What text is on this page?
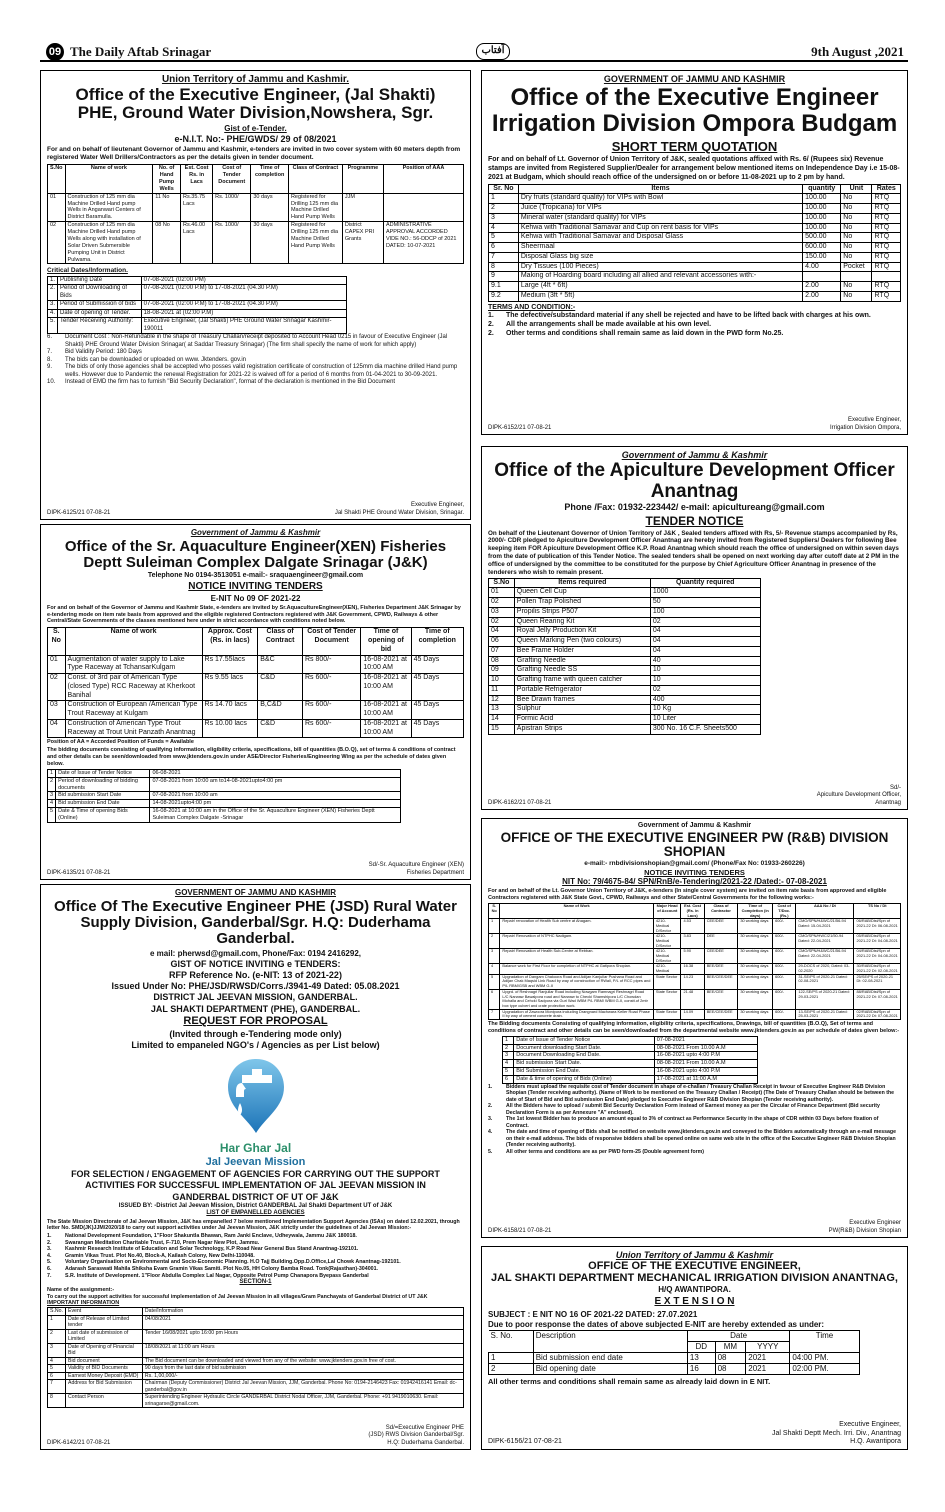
09 The Daily Aftab Srinagar	آفتاب	9th August ,2021
Union Territory of Jammu and Kashmir.
Office of the Executive Engineer, (Jal Shakti) PHE, Ground Water Division,Nowshera, Sgr.
Gist of e-Tender.
e-N.I.T. No:- PHE/GWDS/ 29 of 08/2021

For and on behalf of lieutenant Governor of Jammu and Kashmir, e-tenders are invited in two cover system with 60 meters depth from registered Water Well Drillers/Contractors as per the details given in tender document.

S.No	Name of work	No. of Hand Pump Wells	Est. Cost Rs. in Lacs	Cost of Tender Document	Time of completion	Class of Contract	Programme	Position of AAA
01	Construction of 125 mm dia Machine Drilled Hand pump Wells in Anganwari Centers of District Baramulla.	11 No	Rs.35.75 Lacs	Rs. 1000/	30 days	Registered for Drilling 125 mm dia Machine Drilled Hand Pump Wells	JJM	
02	Construction of 125 mm dia Machine Drilled Hand pump Wells along with installation of Solar Driven Submersible Pumping Unit in District Pulwama.	08 No	Rs.46.00 Lacs	Rs. 1000/	30 days	Registered for Drilling 125 mm dia Machine Drilled Hand Pump Wells	District CAPEX PRI Grants	ADMINISTRATIVE APPROVAL ACCORDED VIDE NO.: 56-DDCP of 2021 DATED: 10-07-2021
Critical Dates/Information.
1.	Publishing Date	07-08-2021 (02:00 PM)
2.	Period of Downloading of Bids	07-08-2021 (02:00 P.M) to 17-08-2021 (04.30 P.M)
3.	Period of Submission of bids	07-08-2021 (02:00 P.M) to 17-08-2021 (04.30 P.M)
4.	Date of opening of Tender.	18-08-2021 at (02:00 P.M)
5.	Tender Receiving Authority:	Executive Engineer, (Jal Shakti) PHE Ground Water Srinagar Kashmir-190011
6.	Document Cost : Non-Refundable in the shape of Treasury Challan/receipt deposited to Account Head 0215 in favour of Executive Engineer (Jal Shakti) PHE Ground Water Division Srinagar( at Saddar Treasury Srinagar) (The firm shall specify the name of work for which apply)
7.	Bid Validity Period: 180 Days
8.	The bids can be downloaded or uploaded on www. Jktenders. gov.in
9.	The bids of only those agencies shall be accepted who posses valid registration certificate of construction of 125mm dia machine drilled Hand pump wells. However due to Pandemic the renewal Registration for 2021-22 is waived off for a period of 6 months from 01-04-2021 to 30-09-2021.
10.	Instead of EMD the firm has to furnish "Bid Security Declaration", format of the declaration is mentioned in the Bid Document
DIPK-6125/21 07-08-21
Executive Engineer,
Jal Shakti PHE Ground Water Division, Srinagar.
Government of Jammu & Kashmir
Office of the Sr. Aquaculture Engineer(XEN) Fisheries Deptt Suleiman Complex Dalgate Srinagar (J&K)
Telephone No 0194-3513051 e-mail:- sraquaengineer@gmail.com
NOTICE INVITING TENDERS
E-NIT No 09 OF 2021-22

For and on behalf of the Governor of Jammu and Kashmir State, e-tenders are invited by Sr.AquacultureEngineer(XEN), Fisheries Department J&K Srinagar by e-tendering mode on item rate basis from approved and the eligible registered Contractors registered with J&K Government, CPWD, Railways & other Central/State Governments of the classes mentioned here under in strict accordance with conditions noted below.

S. No	Name of work	Approx. Cost (Rs. in lacs)	Class of Contract	Cost of Tender Document	Time of opening of bid	Time of completion
01	Augmentation of water supply to Lake Type Raceway at TchansarKulgam	Rs 17.55lacs	B&C	Rs 800/-	16-08-2021 at 10:00 AM	45 Days
02	Const. of 3rd pair of American Type (closed Type) RCC Raceway at Kherkoot Banihal	Rs 9.55 lacs	C&D	Rs 600/-	16-08-2021 at 10:00 AM	45 Days
03	Construction of European /American Type Trout Raceway at Kulgam	Rs 14.70 lacs	B,C&D	Rs 600/-	16-08-2021 at 10:00 AM	45 Days
04	Construction of American Type Trout Raceway at Trout Unit Panzath Anantnag	Rs 10.00 lacs	C&D	Rs 600/-	16-08-2021 at 10:00 AM	45 Days

Position of AA = Accorded Position of Funds = Available

The bidding documents consisting of qualifying information, eligibility criteria, specifications, bill of quantities (B.O.Q), set of terms & conditions of contract and other details can be seen/downloaded from www.jktenders.gov.in under ASE/Director Fisheries/Engineering Wing as per the schedule of dates given below.

1	Date of Issue of Tender Notice	06-08-2021
2	Period of downloading of bidding documents	07-08-2021 from 10:00 am to14-08-2021upto4:00 pm
3	Bid submission Start Date	07-08-2021 from 10:00 am
4	Bid submission End Date	14-08-2021upto4:00 pm
5	Date & Time of opening Bids (Online)	16-08-2021 at 10:00 am in the Office of the Sr. Aquaculture Engineer (XEN) Fisheries Deptt Suleiman Complex Dalgate -Srinagar
DIPK-6135/21 07-08-21
Sd/-Sr. Aquaculture Engineer (XEN)
Fisheries Department
GOVERNMENT OF JAMMU AND KASHMIR
Office Of The Executive Engineer PHE (JSD) Rural Water Supply Division, Ganderbal/Sgr. H.Q: Duderhama Ganderbal.
e mail: pherwsd@gmail.com, Phone/Fax: 0194 2416292,
GIST OF NOTICE INVITING e TENDERS:
RFP Reference No. (e-NIT: 13 of 2021-22)
Issued Under No: PHE/JSD/RWSD/Corrs./3941-49 Dated: 05.08.2021
DISTRICT JAL JEEVAN MISSION, GANDERBAL.
JAL SHAKTI DEPARTMENT (PHE), GANDERBAL.
REQUEST FOR PROPOSAL
(Invited through e-Tendering mode only)
Limited to empaneled NGO's / Agencies as per List below)
Har Ghar Jal
Jal Jeevan Mission
FOR SELECTION / ENGAGEMENT OF AGENCIES FOR CARRYING OUT THE SUPPORT ACTIVITIES FOR SUCCESSFUL IMPLEMENTATION OF JAL JEEVAN MISSION IN GANDERBAL DISTRICT OF UT OF J&K
ISSUED BY: -District Jal Jeevan Mission, District GANDERBAL Jal Shakti Department UT of J&K
LIST OF EMPANELLED AGENCIES

The State Mission Directorate of Jal Jeevan Mission, J&K has empanelled 7 below mentioned Implementation Support Agencies (ISAs) on dated 12.02.2021, through letter No. SMD(JK)JJM/2020/18 to carry out support activities under Jal Jeevan Mission, J&K strictly under the guidelines of Jal Jeevan Mission:-

1.	National Development Foundation, 1"Floor Shakuntla Bhawan, Ram Janki Enclave, Udheywala, Jammu J&K 180018.
2.	Swarangan Meditation Charitable Trust, F-710, Prem Nagar New Plot, Jammu.
3.	Kashmir Research Institute of Education and Solar Technology, K.P Road Near General Bus Stand Anantnag-192101.
4.	Gramin Vikas Trust. Plot No.40, Block-A, Kailash Colony, New Delhi-110048.
5.	Voluntary Organisation on Environmental and Socio-Economic Planning. H.O Tajj Building.Opp.D.Office,Lal Chowk Anantnag-192101.
6.	Adarash Saraswati Mahila Shiksha Evam Gramin Vikas Samiti. Plot No.05, HH Colony Bamba Road. Tonk(Rajasthan)-304001.
7.	S.R. Institute of Development. 1"Floor Abdulla Complex Lal Nagar, Opposite Petrol Pump Chanapora Byepass Ganderbal
SECTION-1
Name of the assignment:-
To carry out the support activities for successful implementation of Jal Jeevan Mission in all villages/Gram Panchayats of Ganderbal District of UT J&K
IMPORTANT INFORMATION
S.No.	Event	Date/Information
1	Date of Release of Limited tender	04/08/2021
2	Last date of submission of Limited	Tender 16/08/2021 upto 16:00 pm Hours
3	Date of Opening of Financial Bid	18/08/2021 at 11:00 am Hours
4	Bid document	The Bid document can be downloaded and viewed from any of the website: www.jktenders.gov.in free of cost.
5	Validity of BID Documents	90 days from the last date of bid submission
6	Earnest Money Deposit (EMD)	Rs. 1,00,000/-
7	Address for Bid Submission	Chairman (Deputy Commissioner) District Jal Jeevan Mission, JJM, Ganderbal. Phone No: 0194-2146423 Fax: 01942416141 Email: dc-ganderbal@gov.in
8	Contact Person	Superintending Engineer Hydraulic Circle GANDERBAL District Nodal Officer, JJM, Ganderbal. Phone: +91 9419010630. Email: srinagarse@gmail.com.
DIPK-6142/21 07-08-21
Sd/=Executive Engineer PHE
(JSD) RWS Division Ganderbal/Sgr.
H.Q: Duderhama Ganderbal.
GOVERNMENT OF JAMMU AND KASHMIR
Office of the Executive Engineer
Irrigation Division Ompora Budgam
SHORT TERM QUOTATION

For and on behalf of Lt. Governor of Union Territory of J&K, sealed quotations affixed with Rs. 6/ (Rupees six) Revenue stamps are invited from Registered Supplier/Dealer for arrangement below mentioned items on Independence Day i.e 15-08-2021 at Budgam, which should reach office of the undersigned on or before 11-08-2021 up to 2 pm by hand.

Sr. No	Items	quantity	Unit	Rates
1	Dry fruits (standard quality) for VIPs with Bowl	100.00	No	RTQ
2	Juice (Tropicana) for VIPs	100.00	No	RTQ
3	Mineral water (standard quality) for VIPs	100.00	No	RTQ
4	Kehwa with Traditional Samavar and Cup on rent basis for VIPs	100.00	No	RTQ
5	Kehwa with Traditional Samavar and Disposal Glass	500.00	No	RTQ
6	Sheermaal	600.00	No	RTQ
7	Disposal Glass big size	150.00	No	RTQ
8	Dry Tissues (100 Pieces)	4.00	Pocket	RTQ
9	Making of Hoarding board including all allied and relevant accessories with:-			
9.1	Large (4ft * 6ft)	2.00	No	RTQ
9.2	Medium (3ft * 5ft)	2.00	No	RTQ
TERMS AND CONDITION:-
1.	The defective/substandard material if any shell be rejected and have to be lifted back with charges at his own.
2.	All the arrangements shall be made available at his own level.
2.	Other terms and conditions shall remain same as laid down in the PWD form No.25.
DIPK-6152/21 07-08-21
Executive Engineer,
Irrigation Division Ompora,
Government of Jammu & Kashmir
Office of the Apiculture Development Officer Anantnag
Phone /Fax: 01932-223442/ e-mail: apicultureang@gmail.com
TENDER NOTICE

On behalf of the Lieutenant Governor of Union Territory of J&K , Sealed tenders affixed with Rs, 5/- Revenue stamps accompanied by Rs, 2000/- CDR pledged to Apiculture Development Officer Anantnag are hereby invited from Registered Suppliers/ Dealers for following Bee keeping item FOR Apiculture Development Office K.P. Road Anantnag which should reach the office of undersigned on within seven days from the date of publication of this Tender Notice. The sealed tenders shall be opened on next working day after cutoff date at 2 PM in the office of undersigned by the committee to be constituted for the purpose by Chief Agriculture Officer Anantnag in presence of the tenderers who wish to remain present.

S.No	Items required	Quantity required
01	Queen Cell Cup	1000
02	Pollen Trap Polished	50
03	Propilis Strips P507	100
02	Queen Rearing Kit	02
04	Royal Jelly Production Kit	04
06	Queen Marking Pen (two colours)	04
07	Bee Frame Holder	04
08	Grafting Needle	40
09	Grafting Needle SS	10
10	Grafting frame with queen catcher	10
11	Portable Refrigerator	02
12	Bee Drawn frames	400
13	Sulphur	10 Kg
14	Formic Acid	10 Liter
15	Apistran Strips	300 No. 16 C.F. Sheets500
DIPK-6162/21 07-08-21
Sd/-
Apiculture Development Officer,
Anantnag
Government of Jammu & Kashmir
OFFICE OF THE EXECUTIVE ENGINEER PW (R&B) DIVISION SHOPIAN
e-mail:- rnbdivisionshopian@gmail.com/ (Phone/Fax No: 01933-260226)
NOTICE INVITING TENDERS
NIT No: 79/4675-84/ SPN/RnB/e-Tendering/2021-22 /Dated:- 07-08-2021

For and on behalf of the Lt. Governor Union Territory of J&K, e-tenders (In single cover system) are invited on item rate basis from approved and eligible Contractors registered with J&K State Govt., CPWD, Railways and other State/Central Governments for the following works:-

S. No	Name of Work	Major Head of Account	Est. Cost (Rs. in Lacs)	Class of Contractor	Time of Completion (in days)	Cost of T/Doc. (Rs.)	AAA No / Dt	TS No / Dt
1	Repair/ renovation of Health Sub centre at Ahagam.	4210-Medical D/Sector	4.53	CEE/DEE	30 working days	600/-	CMO/SPN/H&WC/21/56-94 Dated: 15-04-2021	06/RAB/Dist/Spn of 2021-22 Dt: 06-08-2021
2	Repair/ Renovation of NTPHC Nadigam.	4210-Medical D/Sector	3.83	DEE	30 working days	600/-	CMO/SPN/HWC/21/50-94 Dated: 22-04-2021	05/RAB/Dist/Spn of 2021-22 Dt: 04-08-2021
3	Repair/ Renovation of Health Sub-Centre at Rebban.	4210-Medical D/Sector	5.90	CEE/DEE	30 working days	600/-	CMO/SPN/H&WC/21/56-94 Dated: 22-04-2021	04/RAB/Dist/Spn of 2021-22 Dt: 04-08-2021
4	Balance work for First Floor for completion of NTPHC at Gatipora Shopian.	4210-Medical	16.38	BEE/DEE	30 working days	600/-	29-DOCS of 2020, Dated: 03-02-2020	30/RAB/Dist/Spn of 2021-22 Dt: 02-08-2021
5	Upgradation of Dangam Chakoora Road and Adijan Kanjullar Pushana Road and Adijan Chak Maqsid Link Road by way of construction of RWall, P/L of RCC pipes and P/L RBM/GSB and WBM G-II	State Sector	14.23	BEE/CEE/DEE	30 working days	600/-	31-SE/PS of 2020-21 Dated: 02-08-2021	25/SE/PS of 2020-21 Dt: 02-08-2021
6	Upgrd. of Reshnagri Ranjullar Road including Nowgam Ramnagri Reshnagri Road L/C Narwaw Bawalpora road and Narwaw to Checki Shamshipora L/C Chowdan Mohalla and Cehcki Sadpora via Guri Wad WBM P/L RBM/ WBM G-II, constt.of 2mtr box type culvert and crate protection work.	State Sector	21.48	BEE/CEE	30 working days	600/-	122-SE/PS of 2020-21 Dated: 29-03-2021	88/RAB/Dist/Spn of 2021-22 Dt: 07-08-2021
7	Upgradation of Zawoora Monipora including Drangnard Machwara Keller Road Phase II by way of cement concrete drain.	State Sector	14.09	BEE/CEE/DEE	30 working days	600/-	13-SE/PS of 2020-21 Dated: 25-03-2021	02/RAB/Dist/Spn of 2021-22 Dt: 07-08-2021

The Bidding documents Consisting of qualifying information, eligibility criteria, specifications, Drawings, bill of quantities (B.O.Q), Set of terms and conditions of contract and other details can be seen/downloaded from the departmental website www.jktenders.gov.in as per schedule of dates given below:-

1	Date of Issue of Tender Notice	07-08-2021
2	Document downloading Start Date.	08-08-2021 From 10.00 A.M
3	Document Downloading End Date.	16-08-2021 upto 4:00 P.M
4	Bid submission Start Date.	08-08-2021 From 10.00 A.M
5	Bid Submission End Date.	16-08-2021 upto 4:00 P.M
6	Date & time of opening of Bids (Online)	17-08-2021 at 11:00 A.M
1.	Bidders must upload the requisite cost of Tender document in shape of e-challan / Treasury Challan Receipt in favour of Executive Engineer R&B Division Shopian (Tender receiving authority). (Name of Work to be mentioned on the Treasury Challan / Receipt) (The Date of Treasury Challan should be between the date of Start of Bid and Bid submission End Date) pledged to Executive Engineer R&B Division Shopian (Tender receiving authority).
2.	All the Bidders have to upload / submit Bid Security Declaration Form instead of Earnest money as per the Circular of Finance Department (Bid security Declaration Form is as per Annexure "A" enclosed).
3.	The 1st lowest Bidder has to produce an amount equal to 3% of contract as Performance Security in the shape of CDR within 03 Days before fixation of Contract.
4.	The date and time of opening of Bids shall be notified on website www.jktenders.gov.in and conveyed to the Bidders automatically through an e-mail message on their e-mail address. The bids of responsive bidders shall be opened online on same web site in the office of the Executive Engineer R&B Division Shopian (Tender receiving authority).
5.	All other terms and conditions are as per PWD form-25 (Double agreement form)
DIPK-6158/21 07-08-21
Executive Engineer
PW(R&B) Division Shopian
Union Territory of Jammu & Kashmir
OFFICE OF THE EXECUTIVE ENGINEER,
JAL SHAKTI DEPARTMENT MECHANICAL IRRIGATION DIVISION ANANTNAG,
H/Q AWANTIPORA.
E X T E N S I O N
SUBJECT : E NIT NO 16 OF 2021-22 DATED: 27.07.2021
Due to poor response the dates of above subjected E-NIT are hereby extended as under:
S. No.	Description	Date			Time
		DD	MM	YYYY	
1	Bid submission end date	13	08	2021	04:00 PM.
2	Bid opening date	16	08	2021	02:00 PM.
All other terms and conditions shall remain same as already laid down in E NIT.
DIPK-6156/21 07-08-21
Executive Engineer,
Jal Shakti Deptt Mech. Irri. Div., Anantnag
H.Q. Awantipora
